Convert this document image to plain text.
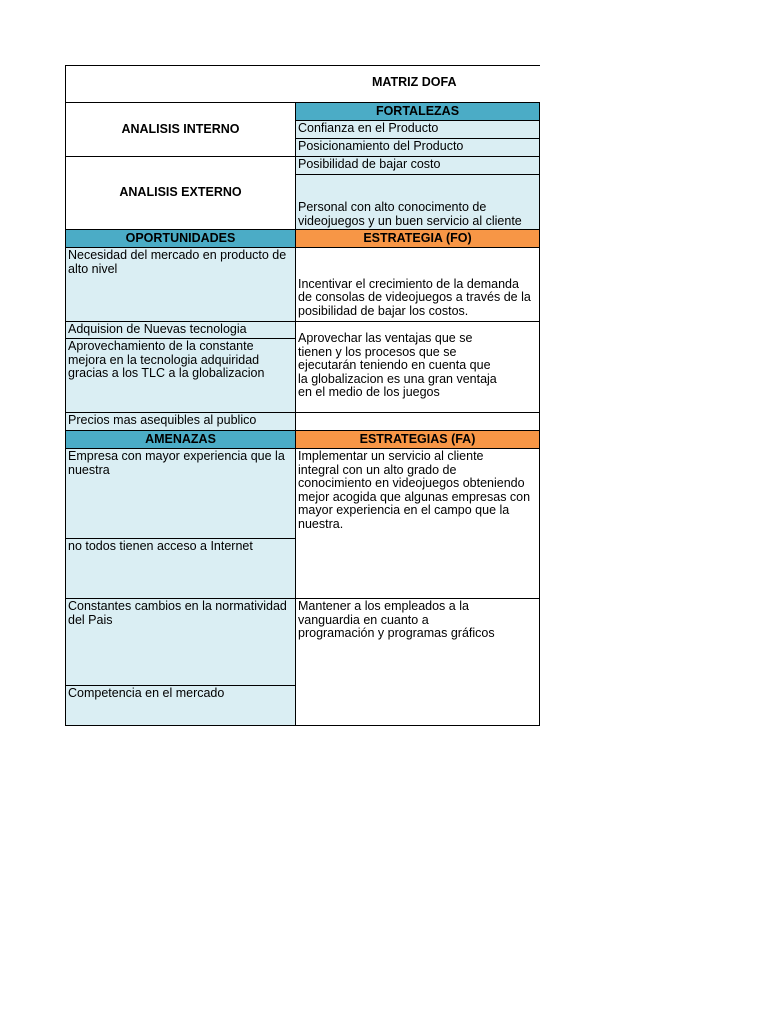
MATRIZ DOFA
ANALISIS INTERNO
FORTALEZAS
Confianza en el Producto
Posicionamiento del Producto
ANALISIS EXTERNO
Posibilidad de bajar costo
Personal con alto conocimento de
videojuegos y un buen servicio al cliente
OPORTUNIDADES	ESTRATEGIA (FO)
Necesidad del mercado en producto de
alto nivel
Adquision de Nuevas tecnologia
Aprovechamiento de la constante
mejora en la tecnologia adquiridad
gracias a los TLC a la globalizacion
Precios mas asequibles al publico
Incentivar el crecimiento de la demanda
de consolas de videojuegos a través de la
posibilidad de bajar los costos.
Aprovechar las ventajas que se
tienen y los procesos que se
ejecutarán teniendo en cuenta que
la globalizacion es una gran ventaja
en el medio de los juegos
AMENAZAS	ESTRATEGIAS (FA)
Empresa con mayor experiencia que la
nuestra
no todos tienen acceso a Internet
Constantes cambios en la normatividad
del Pais
Competencia en el mercado
Implementar un servicio al cliente
integral con un alto grado de
conocimiento en videojuegos obteniendo
mejor acogida que algunas empresas con
mayor experiencia en el campo que la
nuestra.
Mantener a los empleados a la
vanguardia en cuanto a
programación y programas gráficos
